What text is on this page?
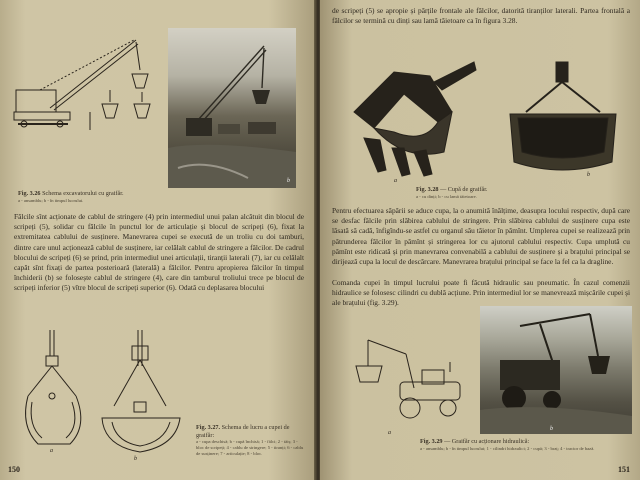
b

Fig. 3.26 Schema excavatorului cu graifăr.
a - ansamblu; b - în timpul lucrului.

Fălcile sînt acționate de cablul de stringere (4) prin intermediul unui palan alcătuit din blocul de scripeți (5), solidar cu fălcile în punctul lor de articulație și blocul de scripeți (6), fixat la extremitatea cablului de susținere. Manevrarea cupei se execută de un troliu cu doi tamburi, dintre care unul acționează cablul de susținere, iar celălalt cablul de stringere a fălcilor. De cadrul blocului de scripeți (6) se prind, prin intermediul unei articulații, tiranții laterali (7), iar cu celălalt capăt sînt fixați de partea posterioară (laterală) a fălcilor. Pentru apropierea fălcilor în timpul închiderii (b) se folosește cablul de stringere (4), care din tamburul troliului trece pe blocul de scripeți inferior (5) vître blocul de scripeți superior (6). Odată cu deplasarea blocului

a
b

Fig. 3.27. Schema de lucru a cupei de graifăr:
a - cupa deschisă; b - cupă închisă; 1 - fălci; 2 - tăiș; 3 - bloc de scripeți; 4 - cablu de stringere; 5 - tiranți; 6 - cablu de susținere; 7 - articulație; 8 - bloc.

150

de scripeți (5) se apropie și părțile frontale ale fălcilor, datorită tiranților laterali. Partea frontală a fălcilor se termină cu dinți sau lamă tăietoare ca în figura 3.28.

a
b

Fig. 3.28 — Cupă de graifăr.
a - cu dinți; b - cu lamă tăietoare.

Pentru efectuarea săpării se aduce cupa, la o anumită înălțime, deasupra locului respectiv, după care se desfac fălcile prin slăbirea cablului de stringere. Prin slăbirea cablului de susținere cupa este lăsată să cadă, înfigîndu-se astfel cu organul său tăietor în pămînt. Umplerea cupei se realizează prin pătrunderea fălcilor în pămînt și stringerea lor cu ajutorul cablului respectiv. Cupa umplută cu pămînt este ridicată și prin manevrarea convenabilă a cablului de susținere și a brațului principal se dirijează cupa la locul de descărcare. Manevrarea brațului principal se face la fel ca la dragline.

Comanda cupei în timpul lucrului poate fi făcută hidraulic sau pneumatic. În cazul comenzii hidraulice se folosesc cilindri cu dublă acțiune. Prin intermediul lor se manevrează mișcările cupei și ale brațului (fig. 3.29).

a
b

Fig. 3.29 — Graifăr cu acționare hidraulică:
a - ansamblu; b - în timpul lucrului; 1 - cilindri hidraulici; 2 - cupă; 3 - braț; 4 - tractor de bază.

151
